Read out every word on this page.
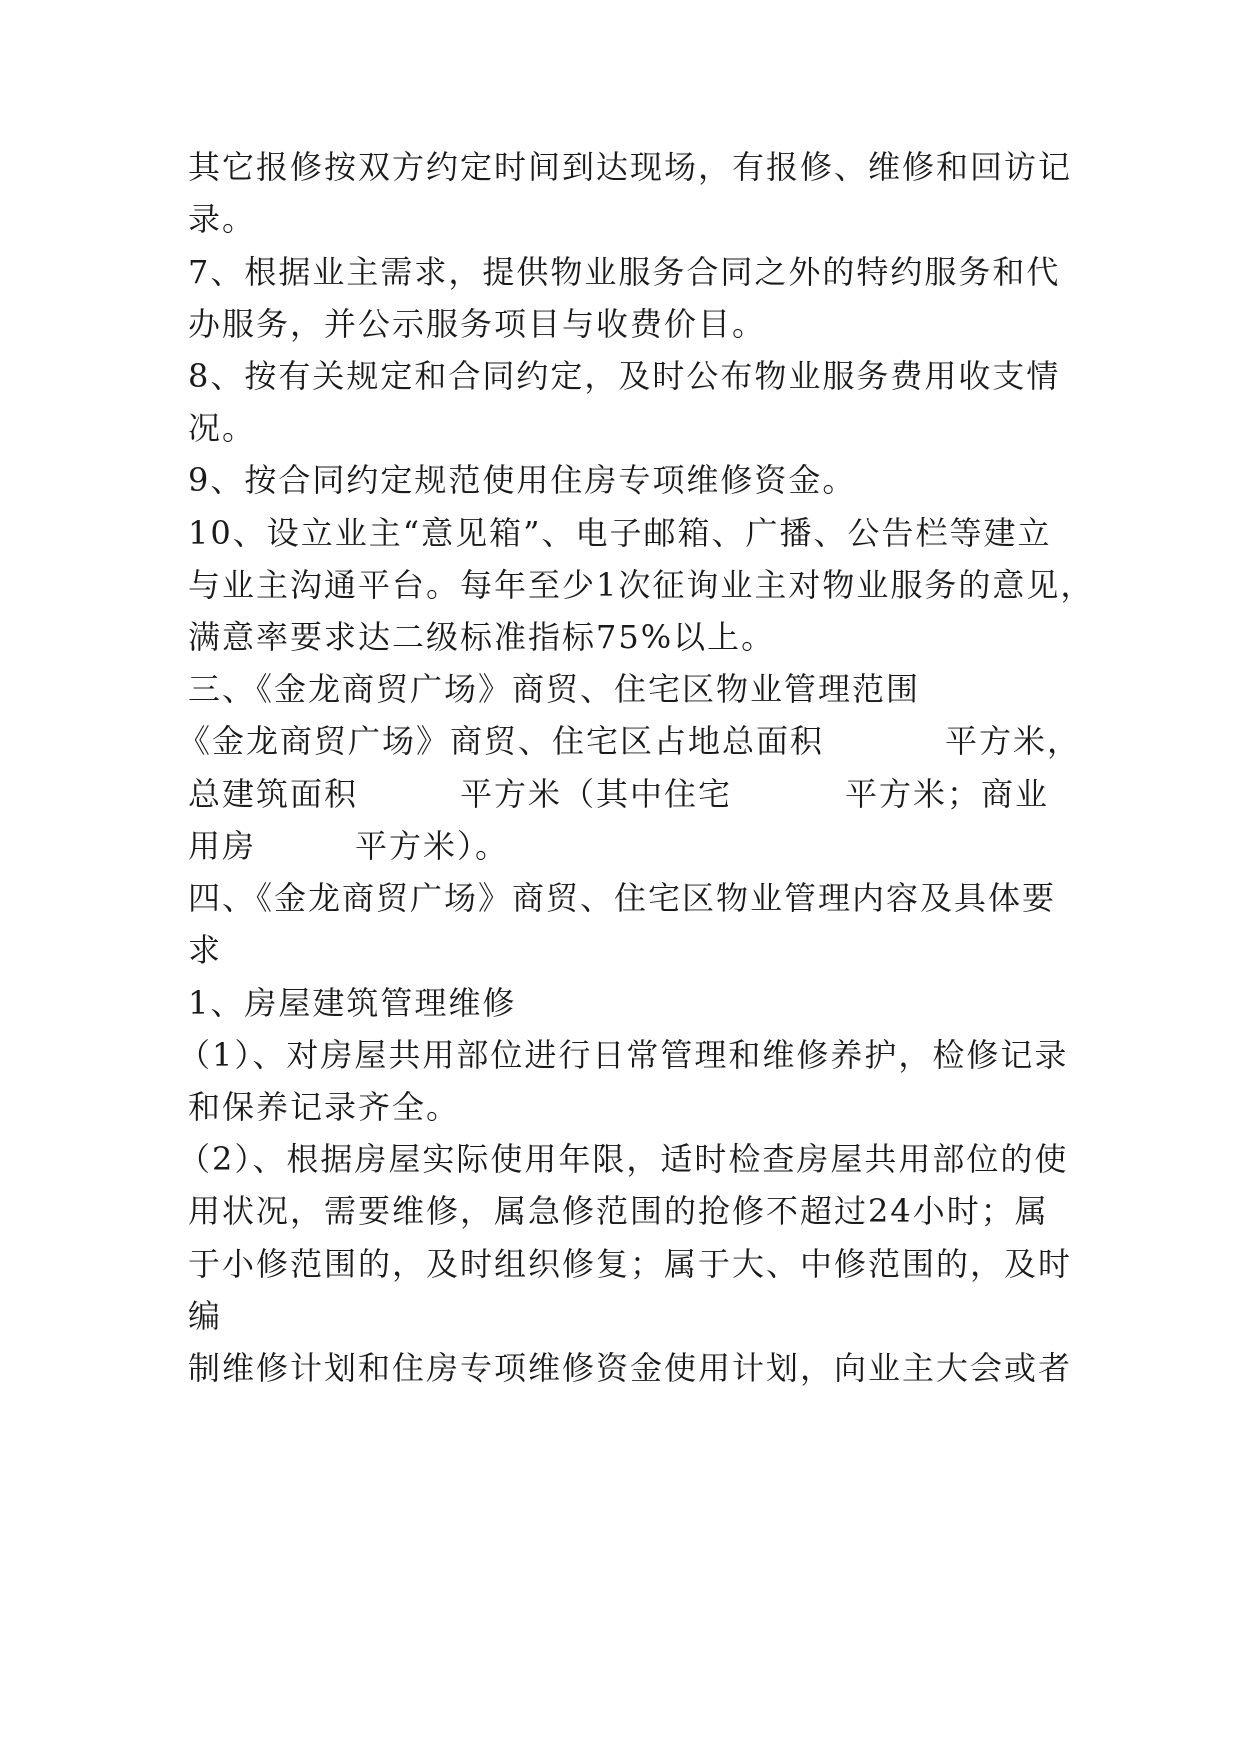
其它报修按双方约定时间到达现场，有报修、维修和回访记
录。
7、根据业主需求，提供物业服务合同之外的特约服务和代
办服务，并公示服务项目与收费价目。
8、按有关规定和合同约定，及时公布物业服务费用收支情
况。
9、按合同约定规范使用住房专项维修资金。
10、设立业主“意见箱”、电子邮箱、广播、公告栏等建立
与业主沟通平台。每年至少1次征询业主对物业服务的意见，
满意率要求达二级标准指标75%以上。
三、《金龙商贸广场》商贸、住宅区物业管理范围
《金龙商贸广场》商贸、住宅区占地总面积	平方米，
总建筑面积	平方米（其中住宅	平方米；商业
用房	平方米）。
四、《金龙商贸广场》商贸、住宅区物业管理内容及具体要
求
1、房屋建筑管理维修
（1）、对房屋共用部位进行日常管理和维修养护，检修记录
和保养记录齐全。
（2）、根据房屋实际使用年限，适时检查房屋共用部位的使
用状况，需要维修，属急修范围的抢修不超过24小时；属
于小修范围的，及时组织修复；属于大、中修范围的，及时
编
制维修计划和住房专项维修资金使用计划，向业主大会或者
